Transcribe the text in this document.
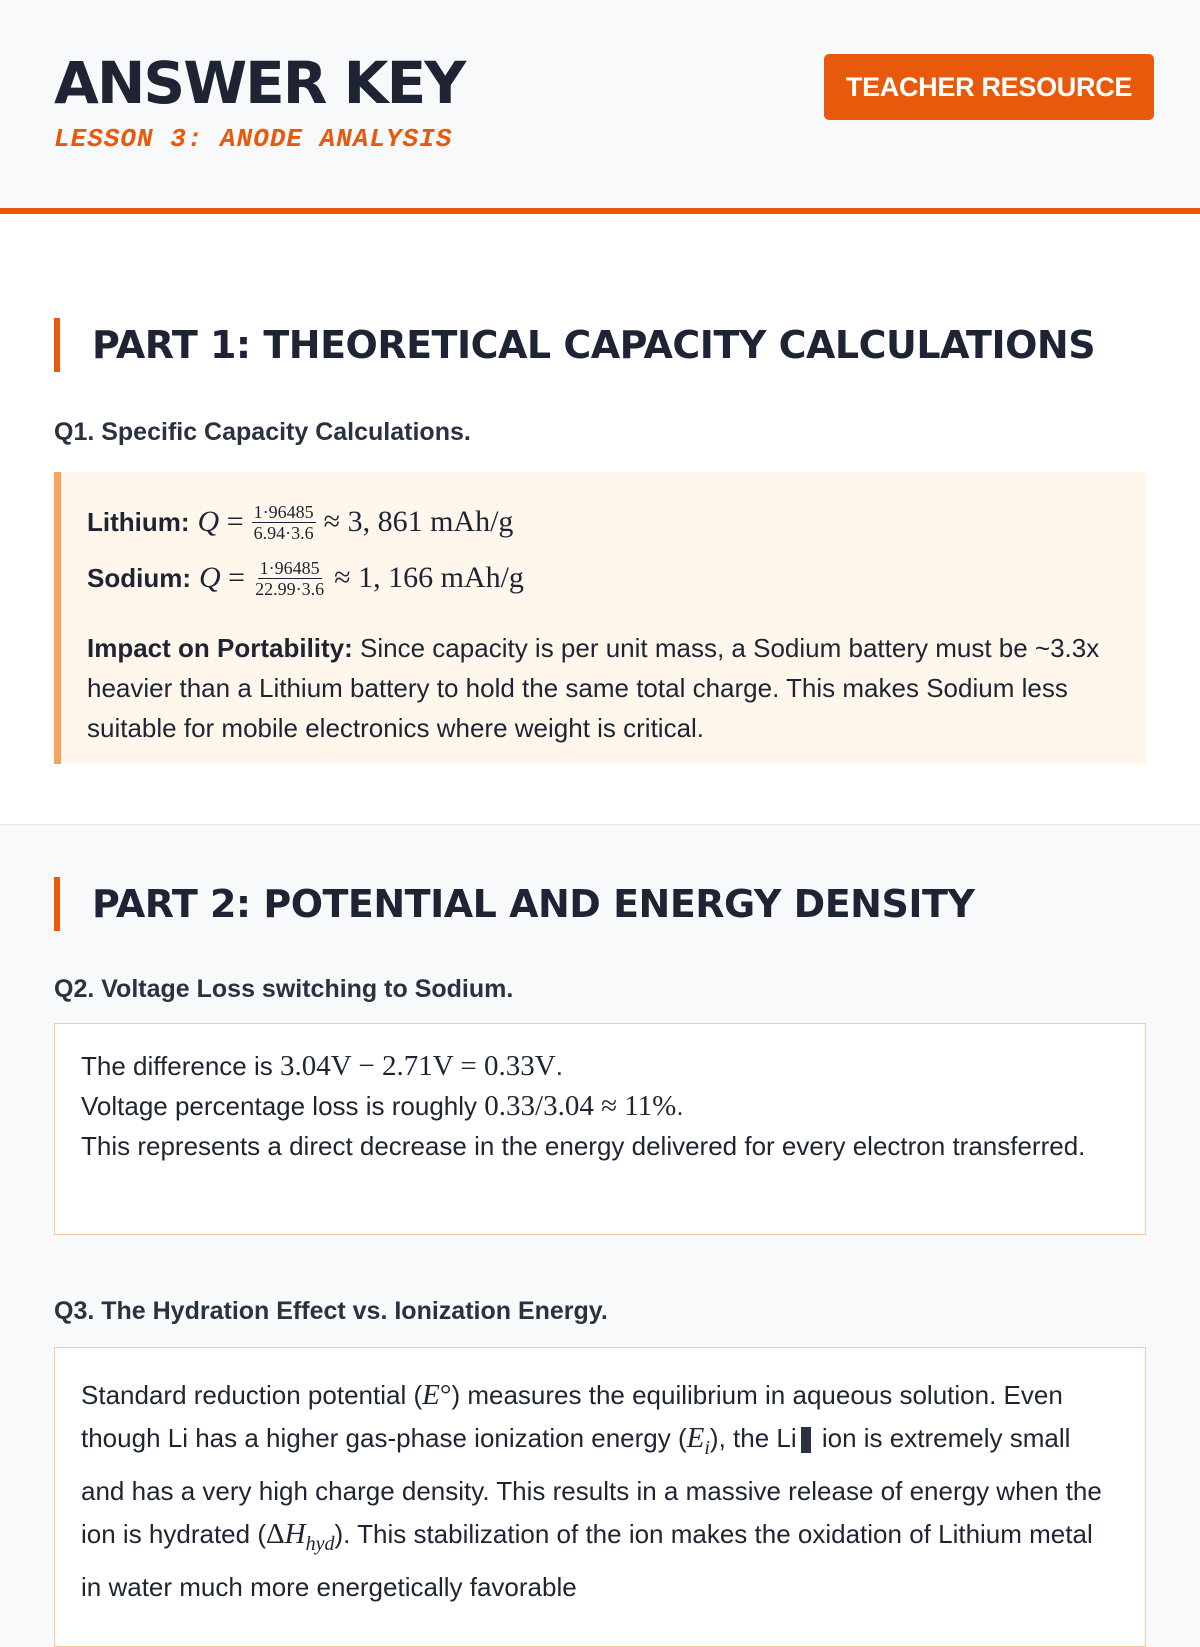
ANSWER KEY
LESSON 3: ANODE ANALYSIS
TEACHER RESOURCE
PART 1: THEORETICAL CAPACITY CALCULATIONS
Q1. Specific Capacity Calculations.
Lithium: $Q = \frac{1\cdot 96485}{6.94\cdot 3.6} \approx 3$, 861 mAh/g
Sodium: $Q = \frac{1\cdot 96485}{22.99\cdot 3.6} \approx 1$, 166 mAh/g
Impact on Portability: Since capacity is per unit mass, a Sodium battery must be ~3.3x heavier than a Lithium battery to hold the same total charge. This makes Sodium less suitable for mobile electronics where weight is critical.
PART 2: POTENTIAL AND ENERGY DENSITY
Q2. Voltage Loss switching to Sodium.
The difference is 3.04V − 2.71V = 0.33V.
Voltage percentage loss is roughly 0.33/3.04 ≈ 11%.
This represents a direct decrease in the energy delivered for every electron transferred.
Q3. The Hydration Effect vs. Ionization Energy.
Standard reduction potential (E°) measures the equilibrium in aqueous solution. Even though Li has a higher gas-phase ionization energy $(E_i)$, the Li ion is extremely small and has a very high charge density. This results in a massive release of energy when the ion is hydrated $(\Delta H_{hyd})$. This stabilization of the ion makes the oxidation of Lithium metal in water much more energetically favorable
